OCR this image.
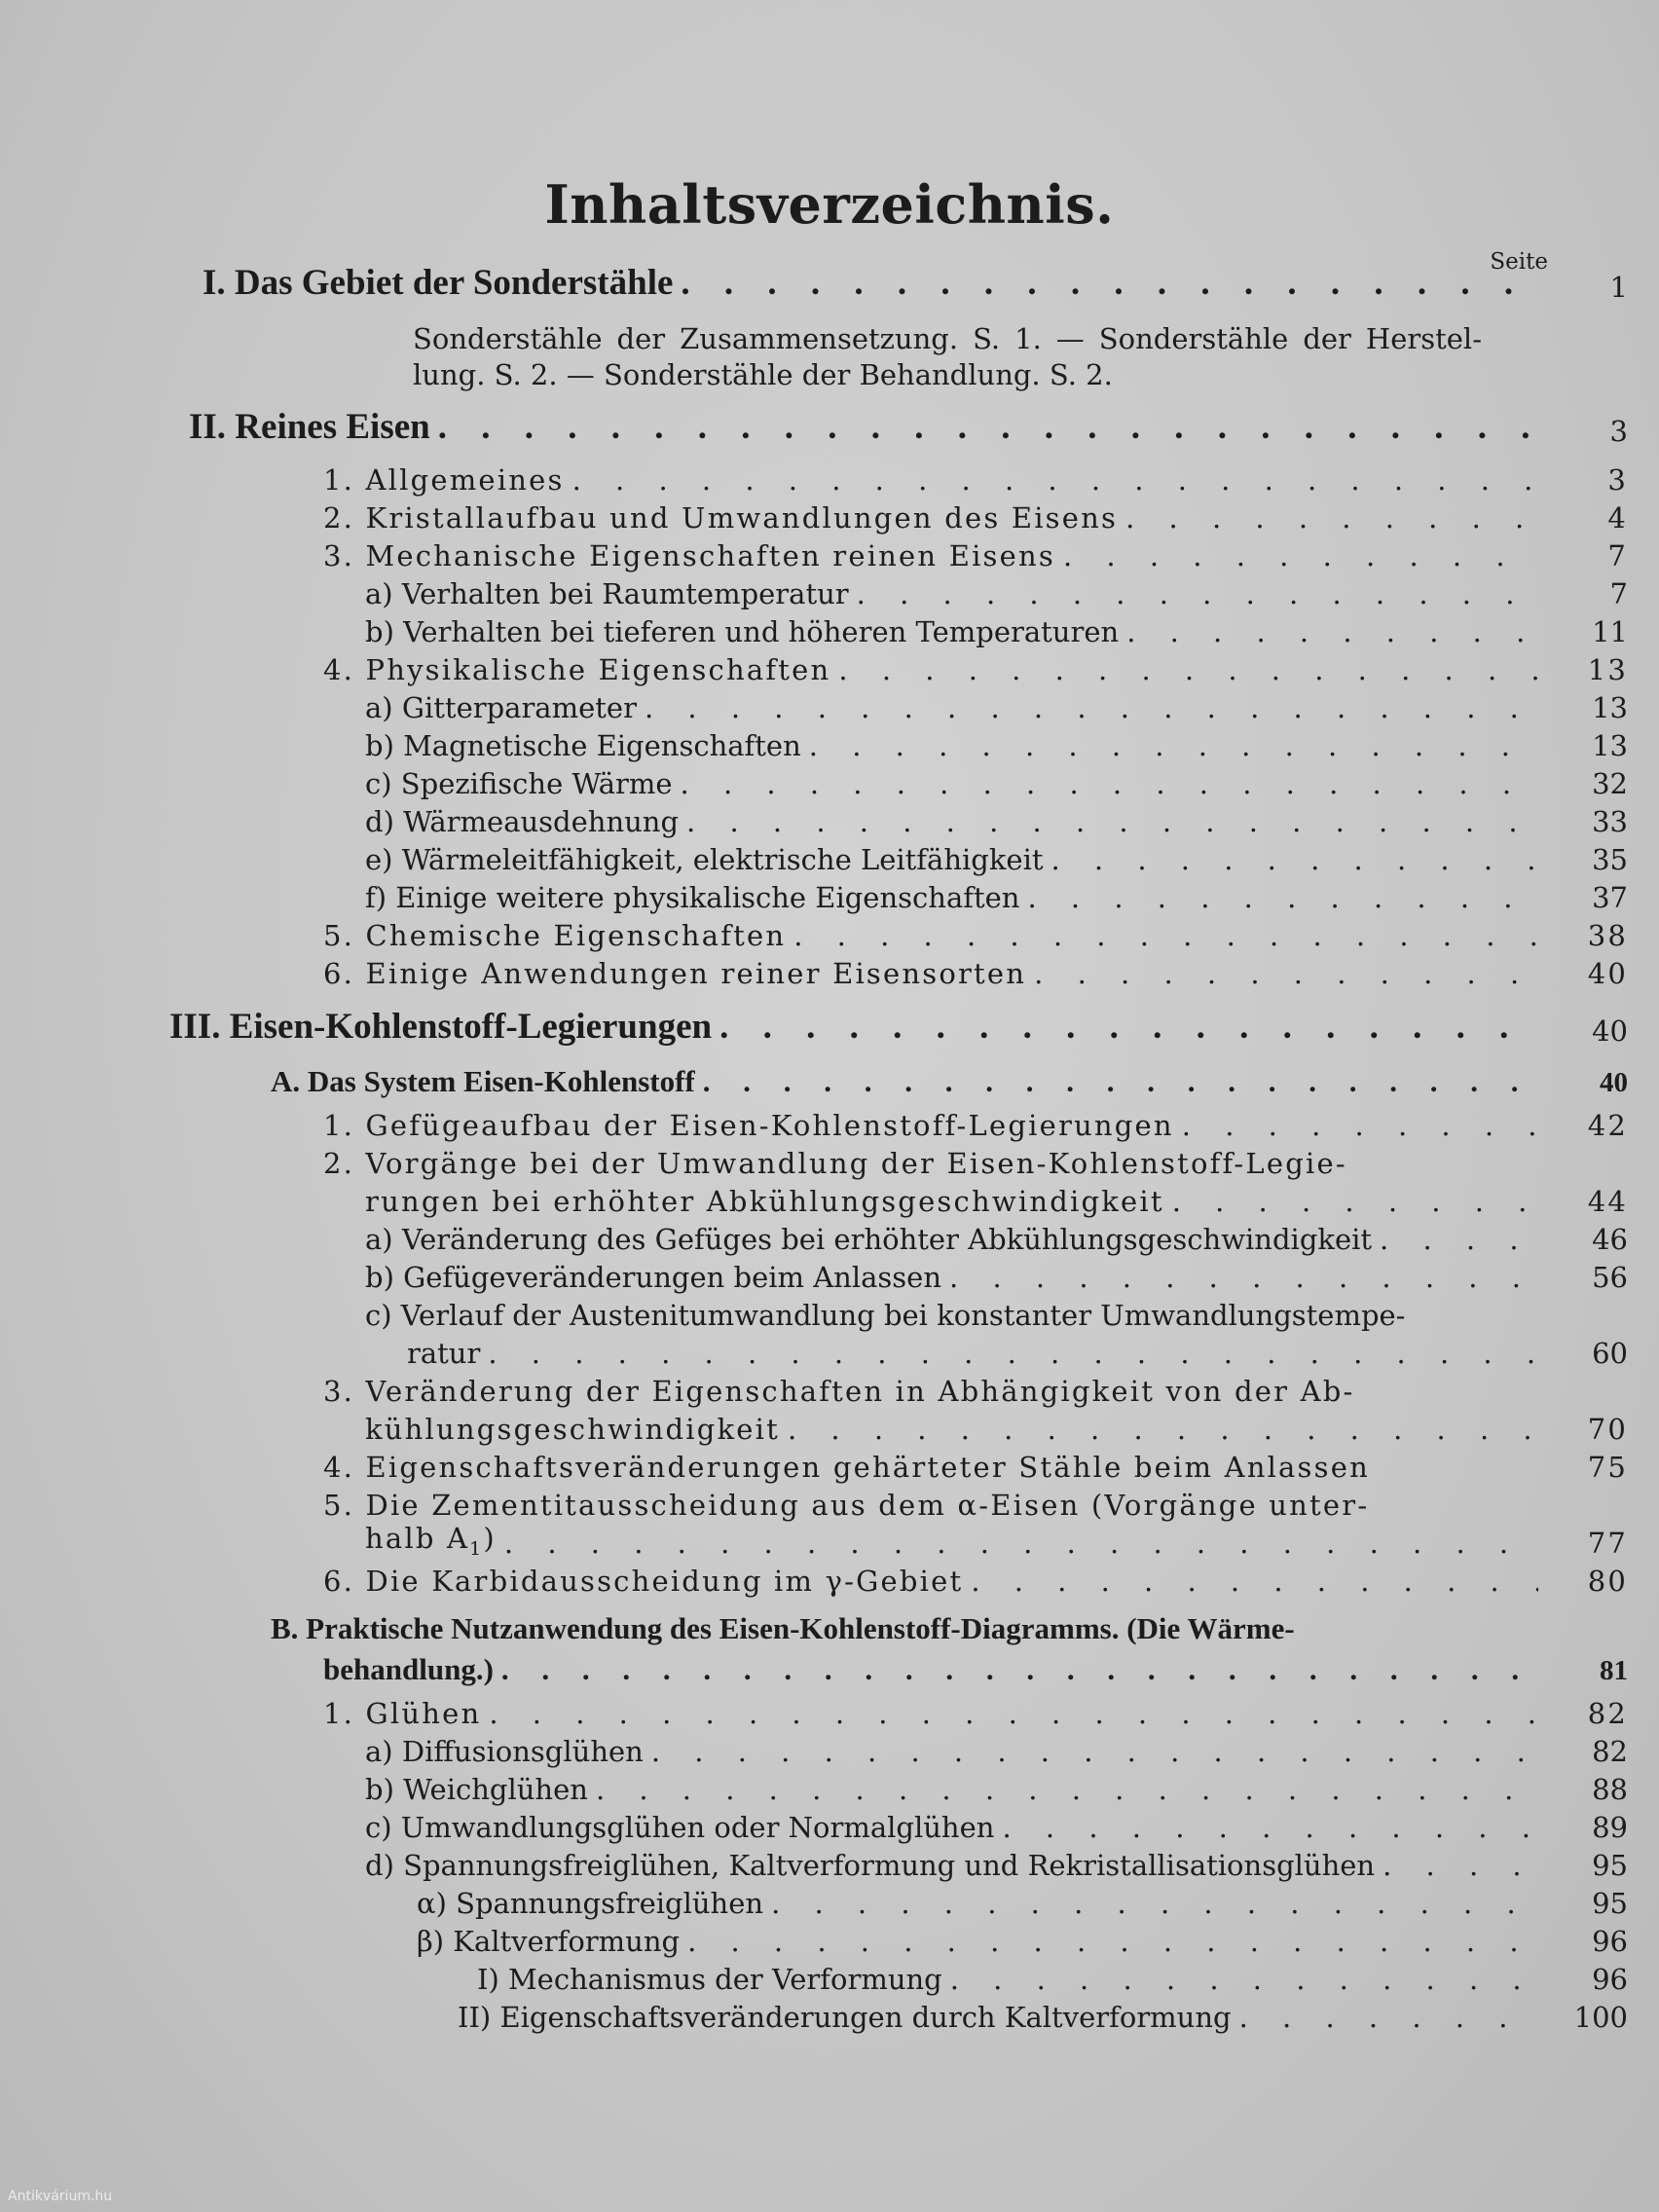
Inhaltsverzeichnis.
Seite
I. Das Gebiet der Sonderstähle . . .	1
Sonderstähle der Zusammensetzung. S. 1. — Sonderstähle der Herstel-
lung. S. 2. — Sonderstähle der Behandlung. S. 2.
II. Reines Eisen . . .	3
1. Allgemeines . . .	3
2. Kristallaufbau und Umwandlungen des Eisens . . .	4
3. Mechanische Eigenschaften reinen Eisens . . .	7
a) Verhalten bei Raumtemperatur . . .	7
b) Verhalten bei tieferen und höheren Temperaturen . . .	11
4. Physikalische Eigenschaften . . .	13
a) Gitterparameter . . .	13
b) Magnetische Eigenschaften . . .	13
c) Spezifische Wärme . . .	32
d) Wärmeausdehnung . . .	33
e) Wärmeleitfähigkeit, elektrische Leitfähigkeit . . .	35
f) Einige weitere physikalische Eigenschaften . . .	37
5. Chemische Eigenschaften . . .	38
6. Einige Anwendungen reiner Eisensorten . . .	40
III. Eisen-Kohlenstoff-Legierungen . . .	40
A. Das System Eisen-Kohlenstoff . . .	40
1. Gefügeaufbau der Eisen-Kohlenstoff-Legierungen . . .	42
2. Vorgänge bei der Umwandlung der Eisen-Kohlenstoff-Legie-
rungen bei erhöhter Abkühlungsgeschwindigkeit . . .	44
a) Veränderung des Gefüges bei erhöhter Abkühlungsgeschwindigkeit . . .	46
b) Gefügeveränderungen beim Anlassen . . .	56
c) Verlauf der Austenitumwandlung bei konstanter Umwandlungstempe-
ratur . . .	60
3. Veränderung der Eigenschaften in Abhängigkeit von der Ab-
kühlungsgeschwindigkeit . . .	70
4. Eigenschaftsveränderungen gehärteter Stähle beim Anlassen	75
5. Die Zementitausscheidung aus dem α-Eisen (Vorgänge unter-
halb $A_1$) . . .	77
6. Die Karbidausscheidung im γ-Gebiet . . .	80
B. Praktische Nutzanwendung des Eisen-Kohlenstoff-Diagramms. (Die Wärme-
behandlung.) . . .	81
1. Glühen . . .	82
a) Diffusionsglühen . . .	82
b) Weichglühen . . .	88
c) Umwandlungsglühen oder Normalglühen . . .	89
d) Spannungsfreiglühen, Kaltverformung und Rekristallisationsglühen . . .	95
α) Spannungsfreiglühen . . .	95
β) Kaltverformung . . .	96
I) Mechanismus der Verformung . . .	96
II) Eigenschaftsveränderungen durch Kaltverformung . . .	100
Antikvárium.hu
